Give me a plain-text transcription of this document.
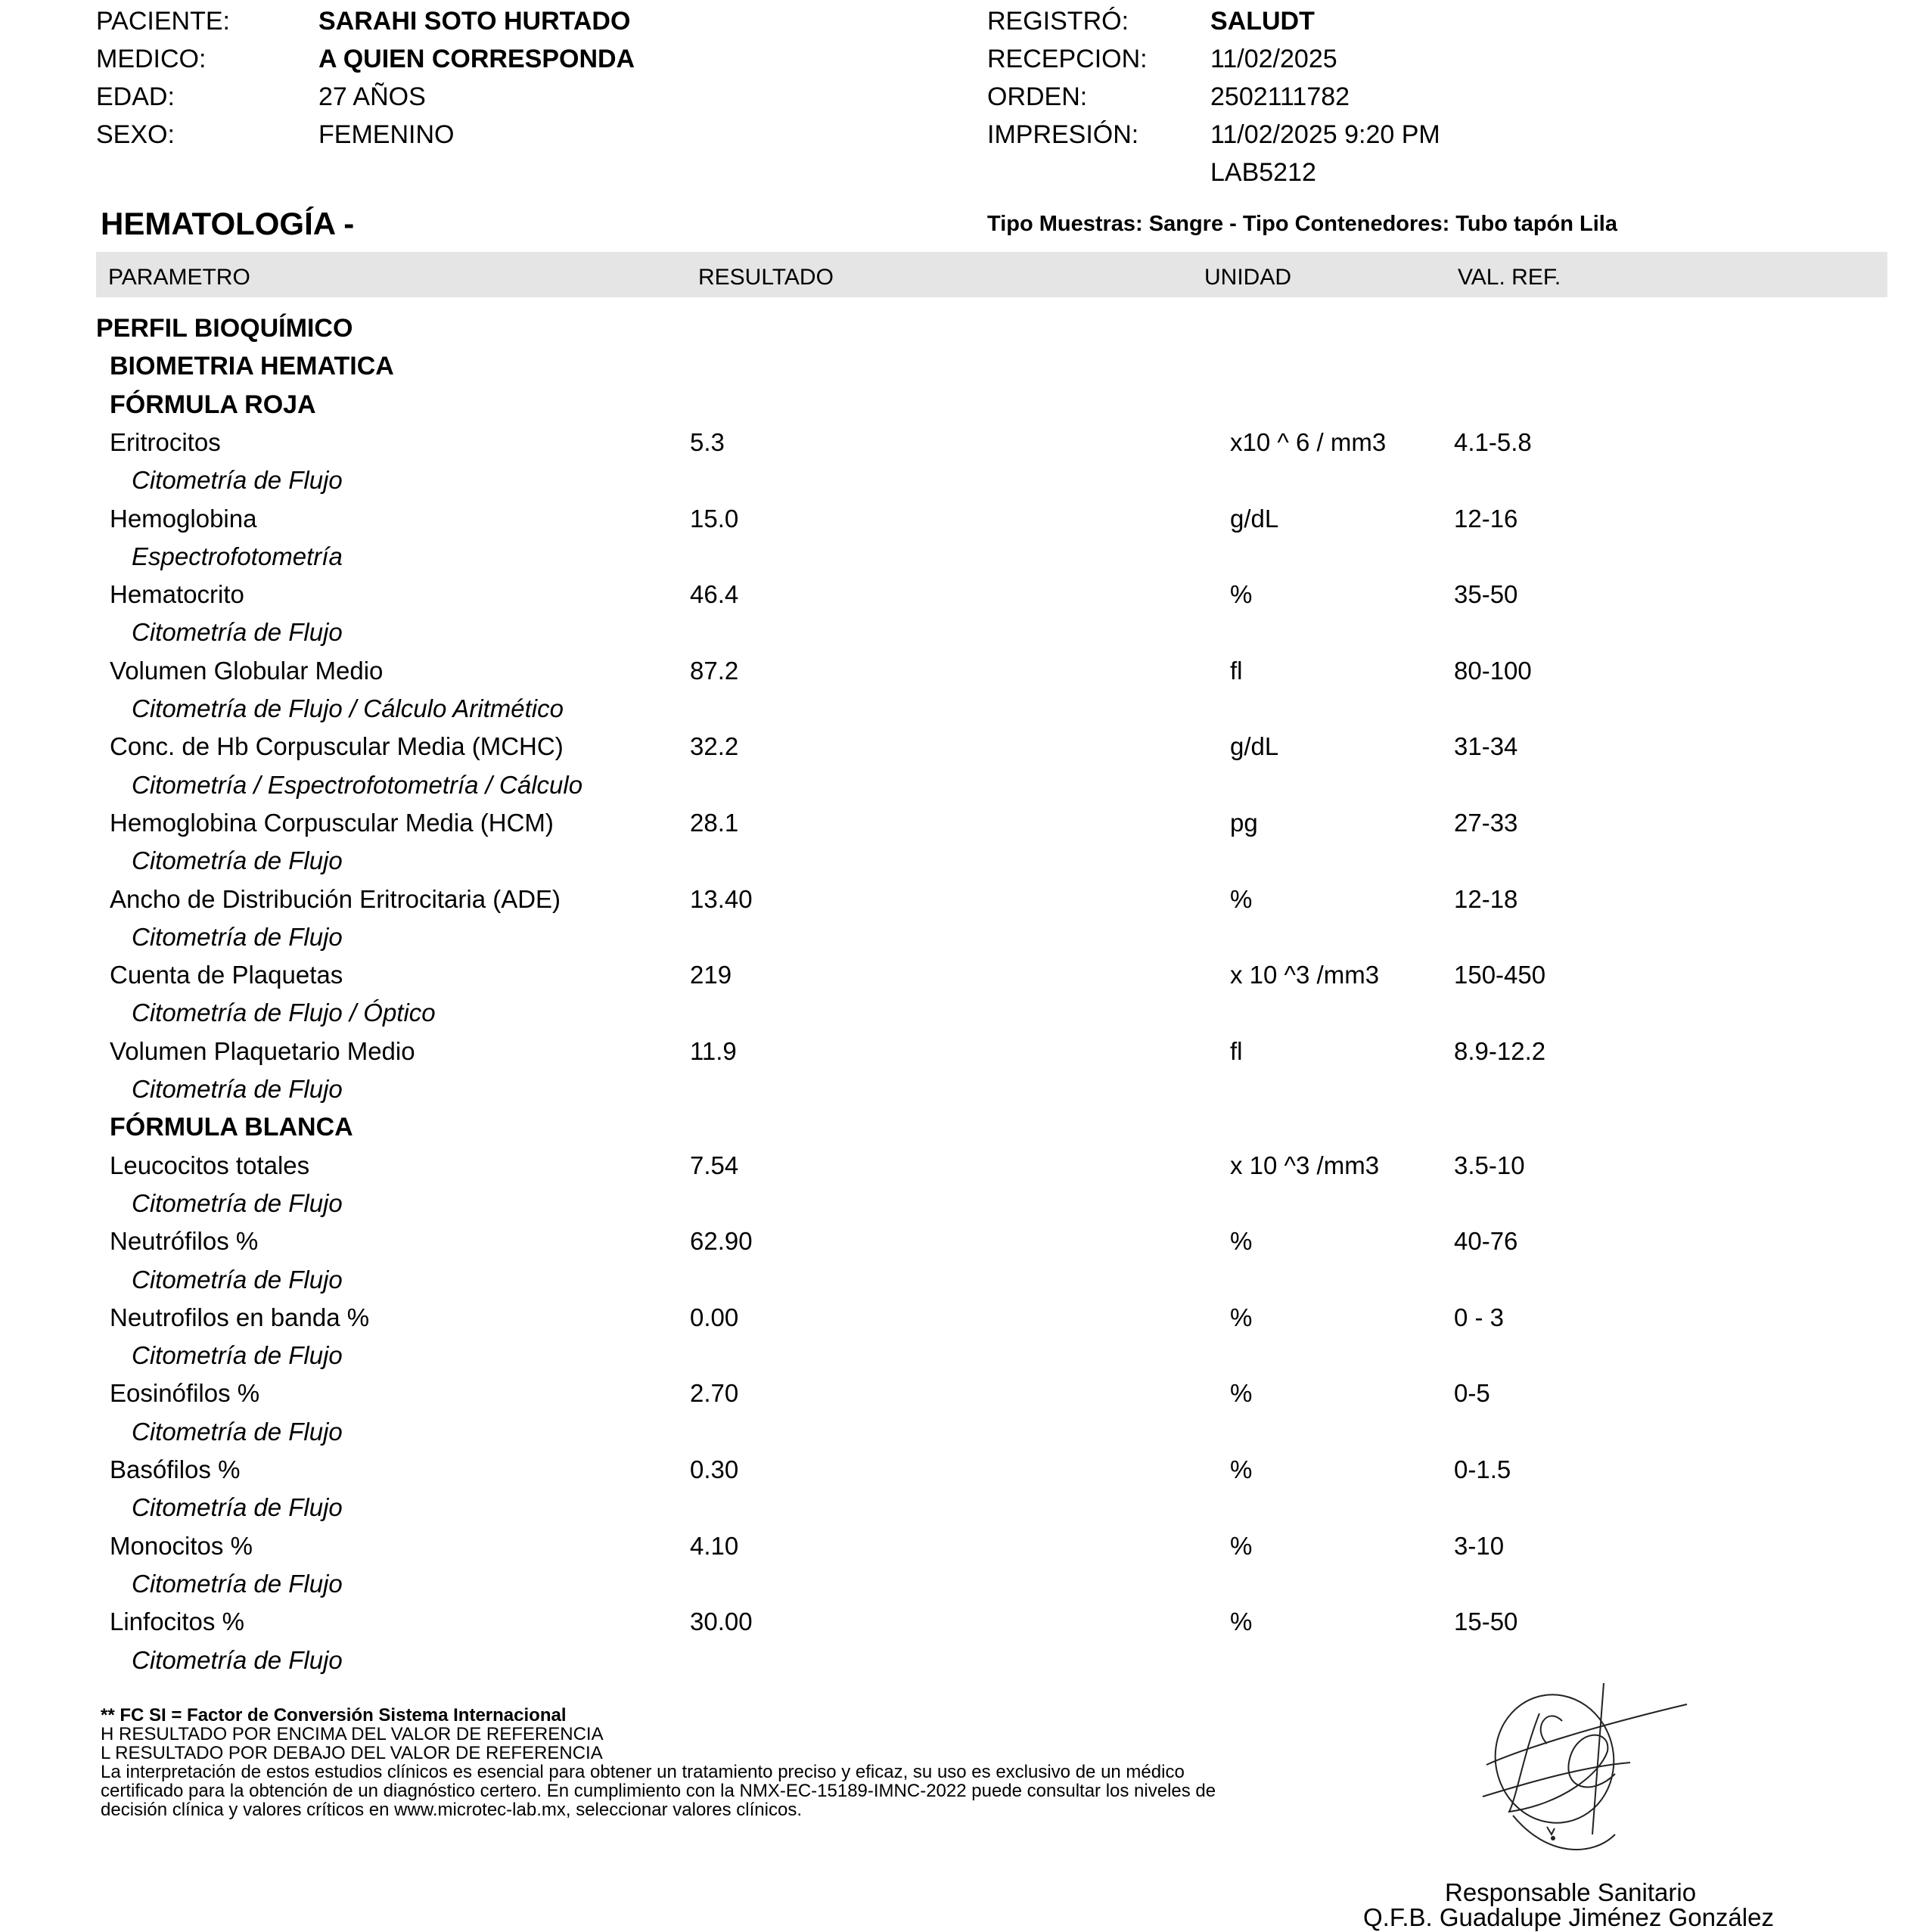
PACIENTE:	SARAHI SOTO HURTADO
MEDICO:	A QUIEN CORRESPONDA
EDAD:	27 AÑOS
SEXO:	FEMENINO
REGISTRÓ:	SALUDT
RECEPCION: 11/02/2025
ORDEN:	2502111782
IMPRESIÓN:	11/02/2025 9:20 PM
LAB5212
HEMATOLOGÍA -	Tipo Muestras: Sangre - Tipo Contenedores: Tubo tapón Lila
PARAMETRO	RESULTADO	UNIDAD	VAL. REF.
PERFIL BIOQUÍMICO
BIOMETRIA HEMATICA
FÓRMULA ROJA
Eritrocitos	5.3	x10 ^ 6 / mm3	4.1-5.8
Citometría de Flujo
Hemoglobina	15.0	g/dL	12-16
Espectrofotometría
Hematocrito	46.4	%	35-50
Citometría de Flujo
Volumen Globular Medio	87.2	fl	80-100
Citometría de Flujo / Cálculo Aritmético
Conc. de Hb Corpuscular Media (MCHC)	32.2	g/dL	31-34
Citometría / Espectrofotometría / Cálculo
Hemoglobina Corpuscular Media (HCM)	28.1	pg	27-33
Citometría de Flujo
Ancho de Distribución Eritrocitaria (ADE)	13.40	%	12-18
Citometría de Flujo
Cuenta de Plaquetas	219	x 10 ^3 /mm3	150-450
Citometría de Flujo / Óptico
Volumen Plaquetario Medio	11.9	fl	8.9-12.2
Citometría de Flujo
FÓRMULA BLANCA
Leucocitos totales	7.54	x 10 ^3 /mm3	3.5-10
Citometría de Flujo
Neutrófilos %	62.90	%	40-76
Citometría de Flujo
Neutrofilos en banda %	0.00	%	0 - 3
Citometría de Flujo
Eosinófilos %	2.70	%	0-5
Citometría de Flujo
Basófilos %	0.30	%	0-1.5
Citometría de Flujo
Monocitos %	4.10	%	3-10
Citometría de Flujo
Linfocitos %	30.00	%	15-50
Citometría de Flujo
** FC SI = Factor de Conversión Sistema Internacional
H RESULTADO POR ENCIMA DEL VALOR DE REFERENCIA
L RESULTADO POR DEBAJO DEL VALOR DE REFERENCIA
La interpretación de estos estudios clínicos es esencial para obtener un tratamiento preciso y eficaz, su uso es exclusivo de un médico
certificado para la obtención de un diagnóstico certero. En cumplimiento con la NMX-EC-15189-IMNC-2022 puede consultar los niveles de
decisión clínica y valores críticos en www.microtec-lab.mx, seleccionar valores clínicos.
Responsable Sanitario
Q.F.B. Guadalupe Jiménez González
